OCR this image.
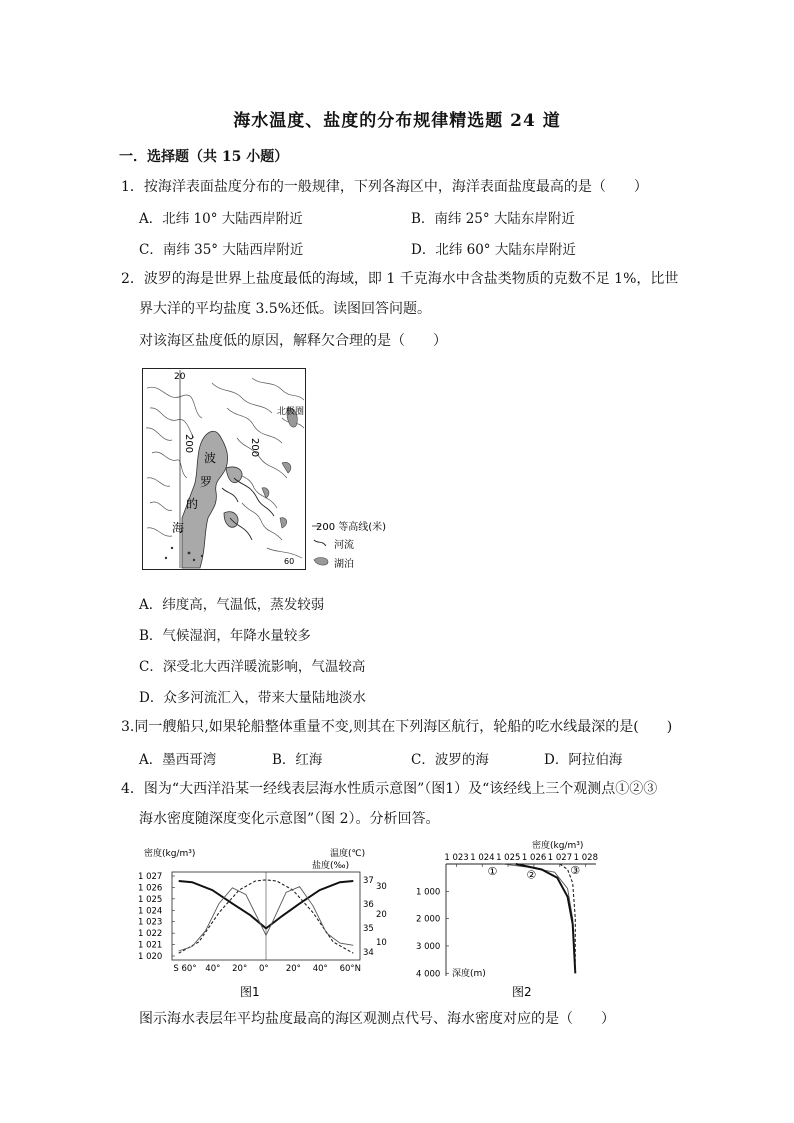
海水温度、盐度的分布规律精选题 24 道
一．选择题（共 15 小题）
1．按海洋表面盐度分布的一般规律，下列各海区中，海洋表面盐度最高的是（　　）
A．北纬 10° 大陆西岸附近	B．南纬 25° 大陆东岸附近
C．南纬 35° 大陆西岸附近	D．北纬 60° 大陆东岸附近
2．波罗的海是世界上盐度最低的海域，即 1 千克海水中含盐类物质的克数不足 1%，比世
界大洋的平均盐度 3.5%还低。读图回答问题。
对该海区盐度低的原因，解释欠合理的是（　　）
20
200	200
波
罗
的
海
北极圈
60
200 等高线(米)
河流
湖泊
A．纬度高，气温低，蒸发较弱
B．气候湿润，年降水量较多
C．深受北大西洋暖流影响，气温较高
D．众多河流汇入，带来大量陆地淡水
3.同一艘船只,如果轮船整体重量不变,则其在下列海区航行，轮船的吃水线最深的是(　　)
A．墨西哥湾	B．红海	C．波罗的海	D．阿拉伯海
4．图为“大西洋沿某一经线表层海水性质示意图”（图1）及“该经线上三个观测点①②③
海水密度随深度变化示意图”（图 2）。分析回答。
密度(kg/m³)	温度(℃)
盐度(‰)
1 027
1 026
1 025
1 024
1 023
1 022
1 021
1 020
30
20
10
37
36
35
34
S 60° 40° 20° 0° 20° 40° 60°N
图1
密度(kg/m³)
1 023 1 024 1 025 1 026 1 027 1 028
1 000
2 000
3 000
4 000 深度(m)
①	②	③
图2
图示海水表层年平均盐度最高的海区观测点代号、海水密度对应的是（　　）
